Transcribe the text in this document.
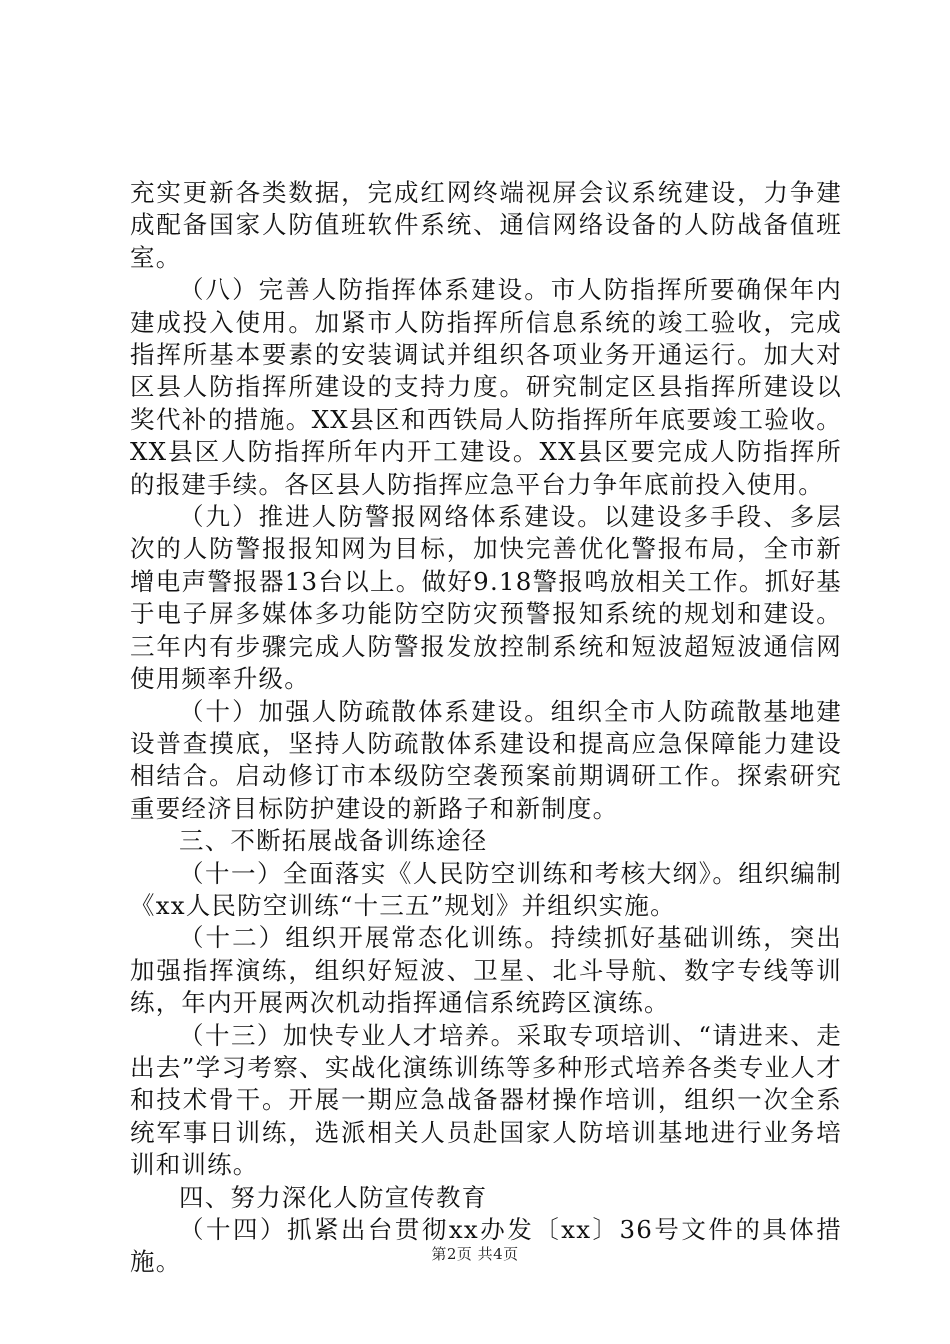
充实更新各类数据，完成红网终端视屏会议系统建设，力争建成配备国家人防值班软件系统、通信网络设备的人防战备值班室。

（八）完善人防指挥体系建设。市人防指挥所要确保年内建成投入使用。加紧市人防指挥所信息系统的竣工验收，完成指挥所基本要素的安装调试并组织各项业务开通运行。加大对区县人防指挥所建设的支持力度。研究制定区县指挥所建设以奖代补的措施。XX县区和西铁局人防指挥所年底要竣工验收。XX县区人防指挥所年内开工建设。XX县区要完成人防指挥所的报建手续。各区县人防指挥应急平台力争年底前投入使用。

（九）推进人防警报网络体系建设。以建设多手段、多层次的人防警报报知网为目标，加快完善优化警报布局，全市新增电声警报器13台以上。做好9.18警报鸣放相关工作。抓好基于电子屏多媒体多功能防空防灾预警报知系统的规划和建设。三年内有步骤完成人防警报发放控制系统和短波超短波通信网使用频率升级。

（十）加强人防疏散体系建设。组织全市人防疏散基地建设普查摸底，坚持人防疏散体系建设和提高应急保障能力建设相结合。启动修订市本级防空袭预案前期调研工作。探索研究重要经济目标防护建设的新路子和新制度。

三、不断拓展战备训练途径

（十一）全面落实《人民防空训练和考核大纲》。组织编制《xx人民防空训练“十三五”规划》并组织实施。

（十二）组织开展常态化训练。持续抓好基础训练，突出加强指挥演练，组织好短波、卫星、北斗导航、数字专线等训练，年内开展两次机动指挥通信系统跨区演练。

（十三）加快专业人才培养。采取专项培训、“请进来、走出去”学习考察、实战化演练训练等多种形式培养各类专业人才和技术骨干。开展一期应急战备器材操作培训，组织一次全系统军事日训练，选派相关人员赴国家人防培训基地进行业务培训和训练。

四、努力深化人防宣传教育

（十四）抓紧出台贯彻xx办发〔xx〕36号文件的具体措施。	第2页 共4页
